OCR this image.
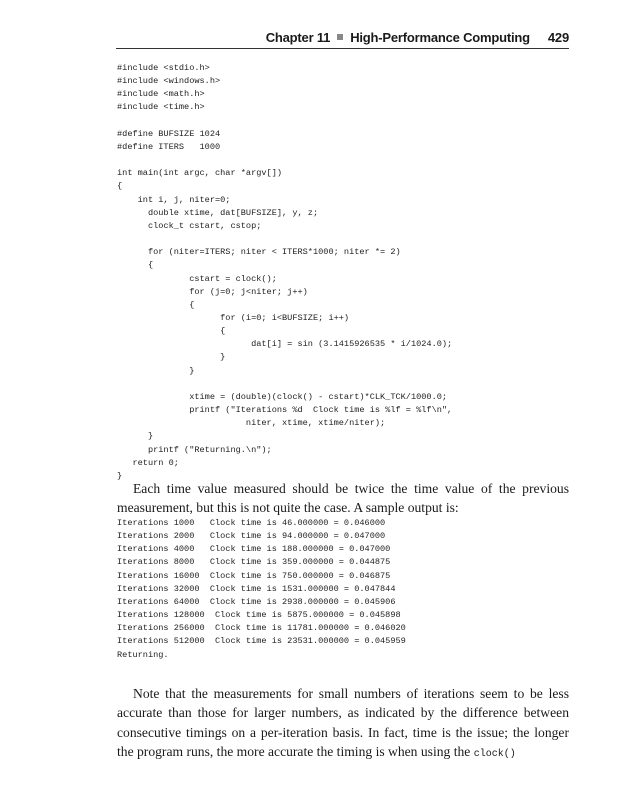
Chapter 11 High-Performance Computing 429
#include <stdio.h>
#include <windows.h>
#include <math.h>
#include <time.h>

#define BUFSIZE 1024
#define ITERS   1000

int main(int argc, char *argv[])
{
int i, j, niter=0;
double xtime, dat[BUFSIZE], y, z;
clock_t cstart, cstop;

for (niter=ITERS; niter < ITERS*1000; niter *= 2)
{
cstart = clock();
for (j=0; j<niter; j++)
{
for (i=0; i<BUFSIZE; i++)
{
dat[i] = sin (3.1415926535 * i/1024.0);
}
}

xtime = (double)(clock() - cstart)*CLK_TCK/1000.0;
printf ("Iterations %d  Clock time is %lf = %lf\n",
niter, xtime, xtime/niter);
}
printf ("Returning.\n");
return 0;
}

Each time value measured should be twice the time value of the previous measurement, but this is not quite the case. A sample output is:

Iterations 1000   Clock time is 46.000000 = 0.046000
Iterations 2000   Clock time is 94.000000 = 0.047000
Iterations 4000   Clock time is 188.000000 = 0.047000
Iterations 8000   Clock time is 359.000000 = 0.044875
Iterations 16000  Clock time is 750.000000 = 0.046875
Iterations 32000  Clock time is 1531.000000 = 0.047844
Iterations 64000  Clock time is 2938.000000 = 0.045906
Iterations 128000  Clock time is 5875.000000 = 0.045898
Iterations 256000  Clock time is 11781.000000 = 0.046020
Iterations 512000  Clock time is 23531.000000 = 0.045959
Returning.

Note that the measurements for small numbers of iterations seem to be less accurate than those for larger numbers, as indicated by the difference between consecutive timings on a per-iteration basis. In fact, time is the issue; the longer the program runs, the more accurate the timing is when using the clock()
